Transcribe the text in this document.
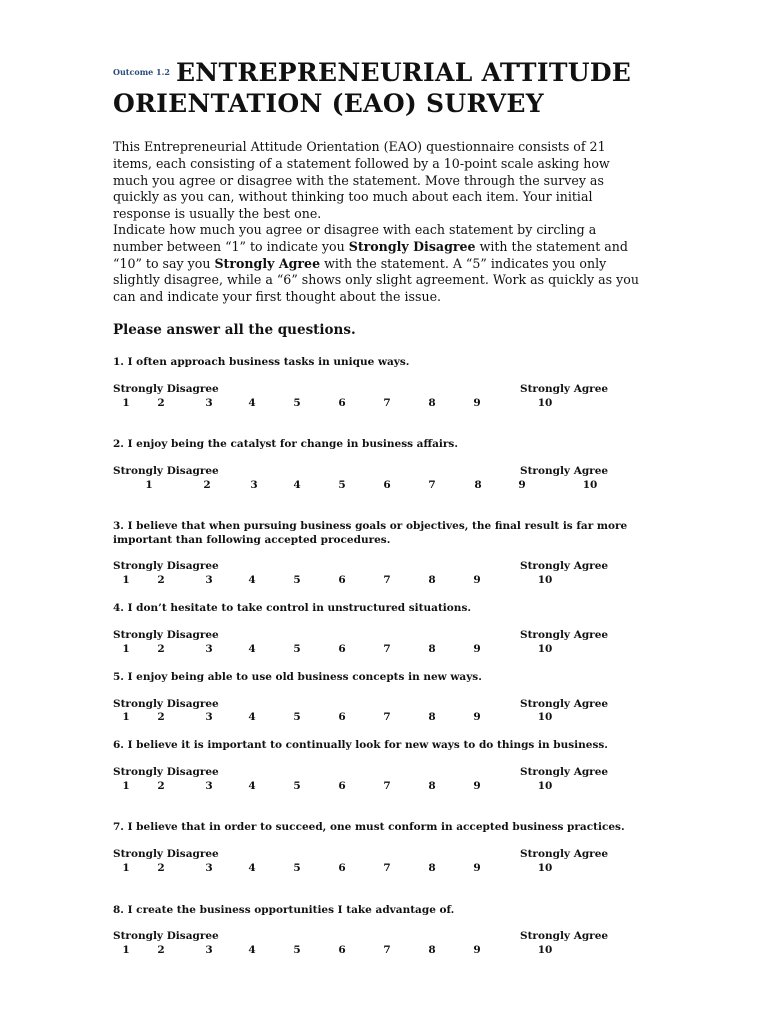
$^{Outcome 1.2}$ ENTREPRENEURIAL ATTITUDE
ORIENTATION (EAO) SURVEY
This Entrepreneurial Attitude Orientation (EAO) questionnaire consists of 21 items, each consisting of a statement followed by a 10-point scale asking how much you agree or disagree with the statement. Move through the survey as quickly as you can, without thinking too much about each item. Your initial response is usually the best one.
Indicate how much you agree or disagree with each statement by circling a number between “1” to indicate you Strongly Disagree with the statement and “10” to say you Strongly Agree with the statement. A “5” indicates you only slightly disagree, while a “6” shows only slight agreement. Work as quickly as you can and indicate your first thought about the issue.
Please answer all the questions.
1. I often approach business tasks in unique ways.
Strongly Disagree	Strongly Agree
2. I enjoy being the catalyst for change in business affairs.
Strongly Disagree	Strongly Agree
3. I believe that when pursuing business goals or objectives, the final result is far more important than following accepted procedures.
Strongly Disagree	Strongly Agree
4. I don’t hesitate to take control in unstructured situations.
Strongly Disagree	Strongly Agree
5. I enjoy being able to use old business concepts in new ways.
Strongly Disagree	Strongly Agree
6. I believe it is important to continually look for new ways to do things in business.
Strongly Disagree	Strongly Agree
7. I believe that in order to succeed, one must conform in accepted business practices.
Strongly Disagree	Strongly Agree
8. I create the business opportunities I take advantage of.
Strongly Disagree	Strongly Agree
1	2	3	4	5	6	7	8	9	10
1	2	3	4	5	6	7	8	9	10
1	2	3	4	5	6	7	8	9	10
1	2	3	4	5	6	7	8	9	10
1	2	3	4	5	6	7	8	9	10
1	2	3	4	5	6	7	8	9	10
1	2	3	4	5	6	7	8	9	10
1	2	3	4	5	6	7	8	9	10
